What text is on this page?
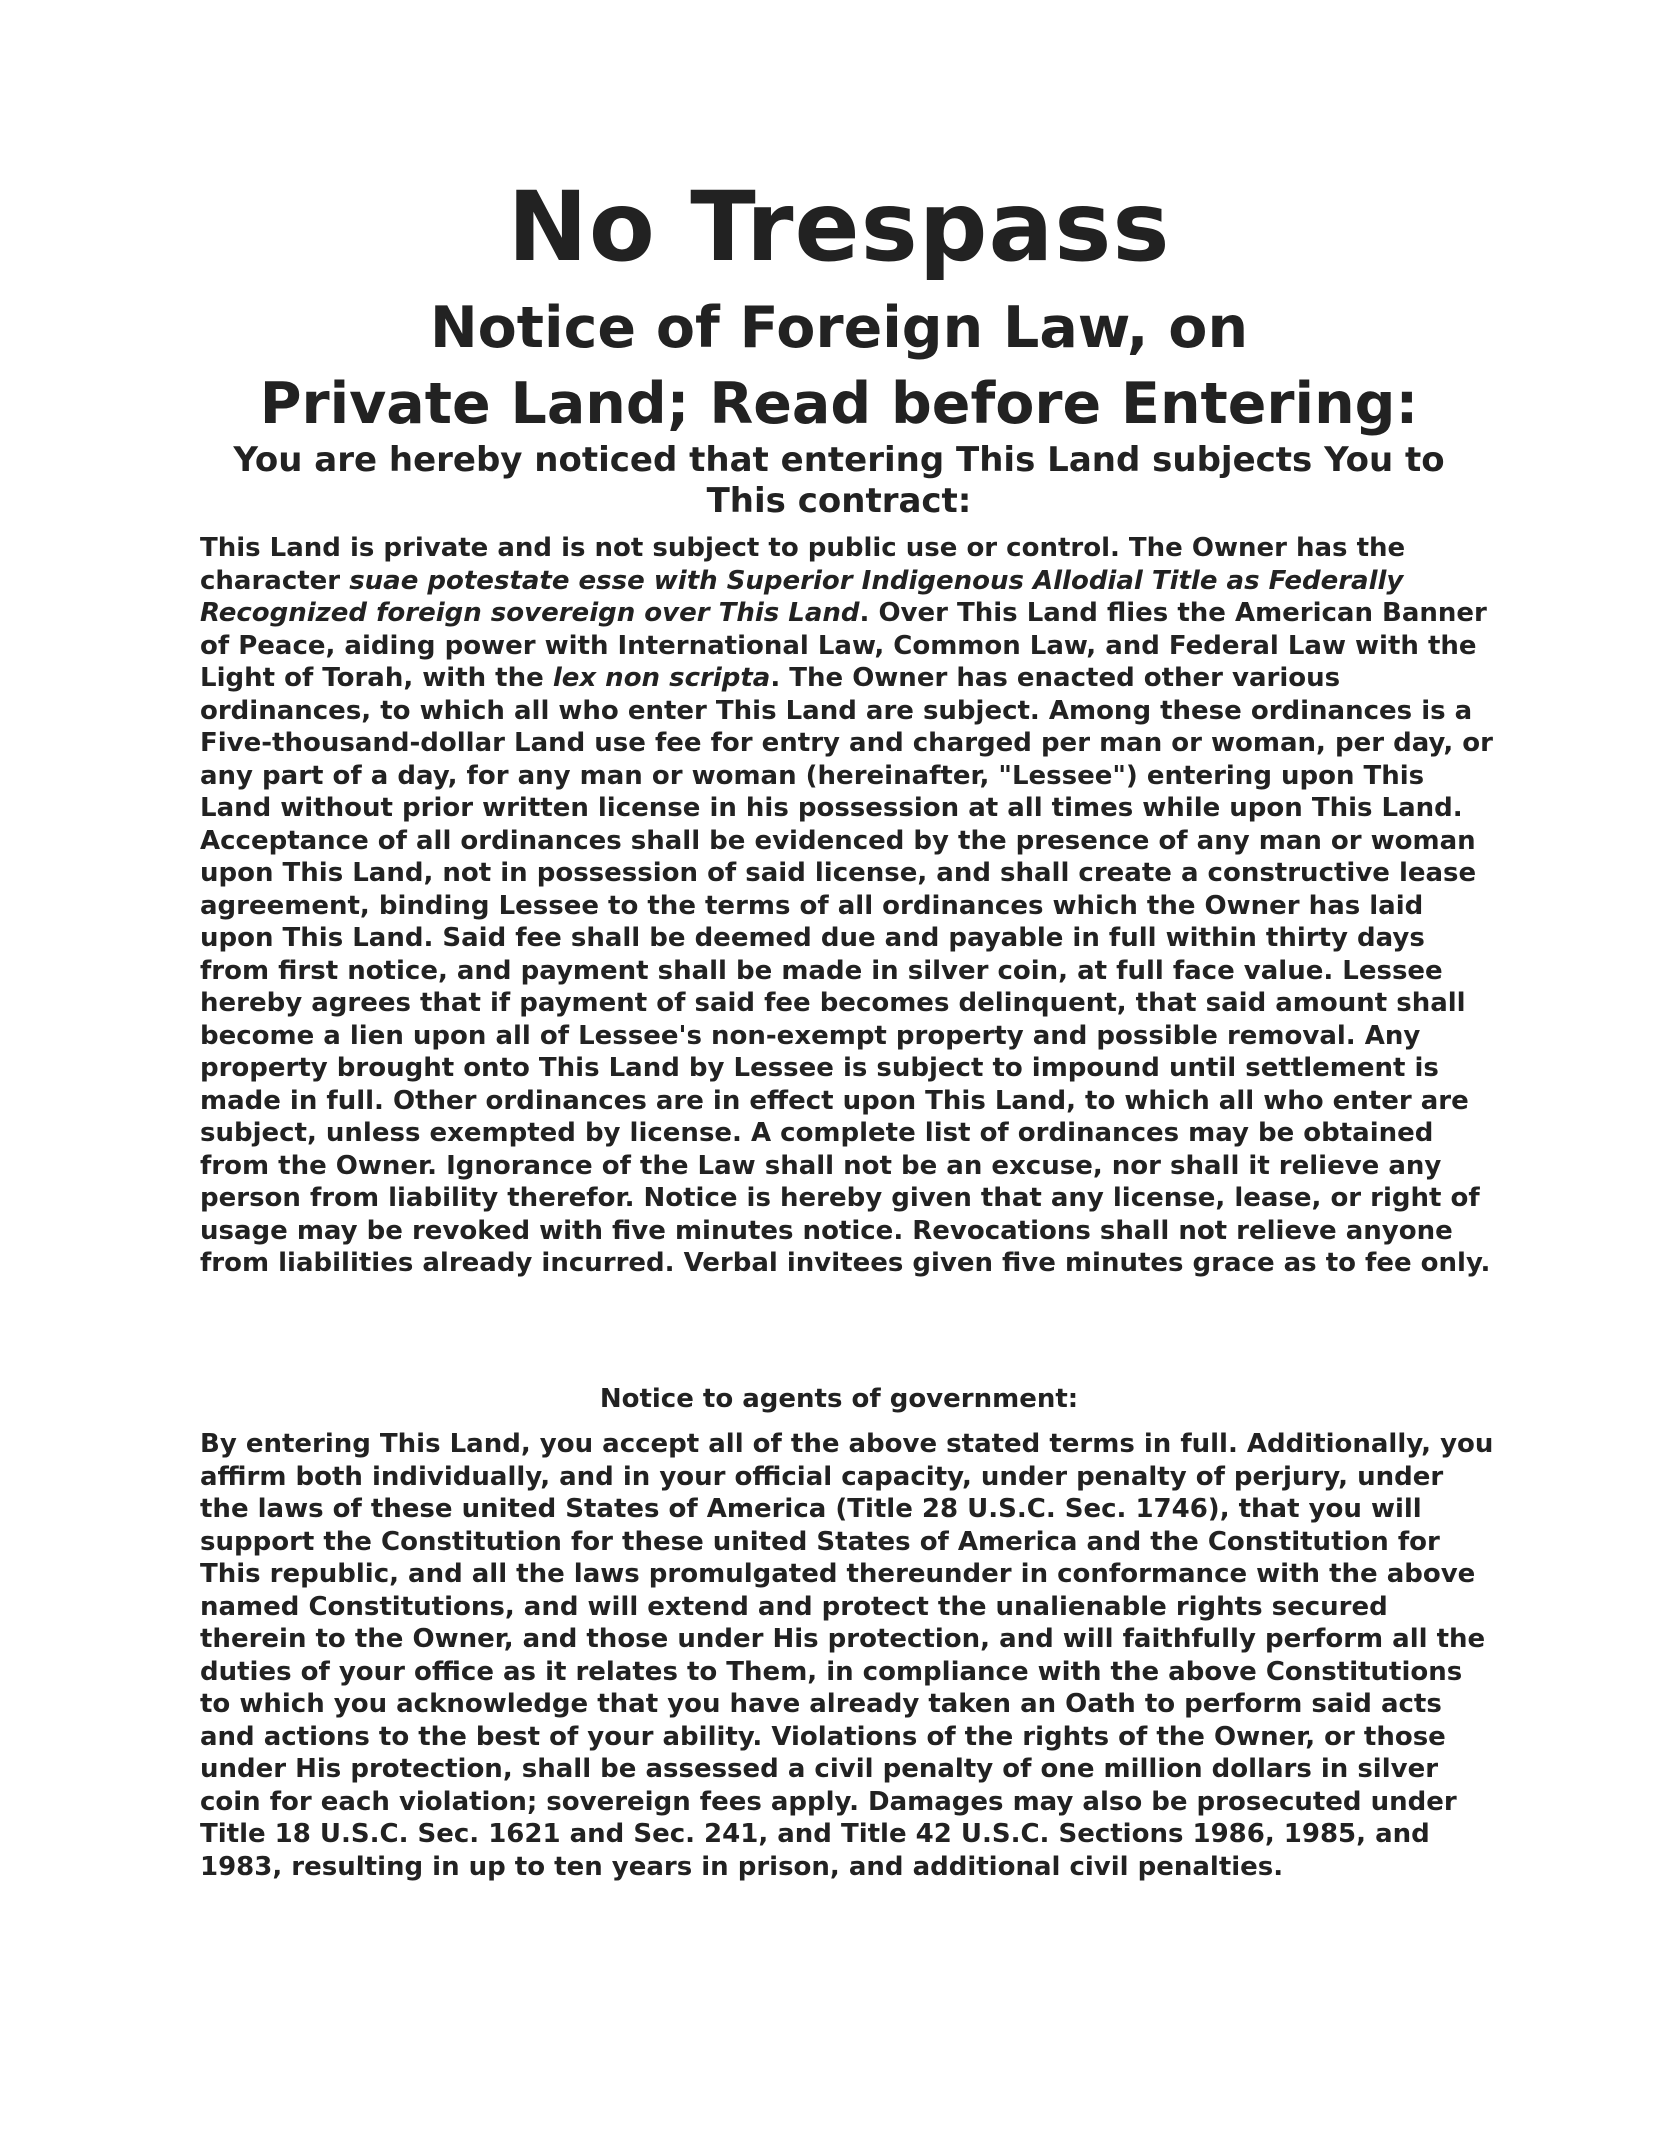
No Trespass
Notice of Foreign Law, on
Private Land; Read before Entering:

You are hereby noticed that entering This Land subjects You to This contract:

This Land is private and is not subject to public use or control. The Owner has the character suae potestate esse with Superior Indigenous Allodial Title as Federally Recognized foreign sovereign over This Land. Over This Land flies the American Banner of Peace, aiding power with International Law, Common Law, and Federal Law with the Light of Torah, with the lex non scripta. The Owner has enacted other various ordinances, to which all who enter This Land are subject. Among these ordinances is a Five-thousand-dollar Land use fee for entry and charged per man or woman, per day, or any part of a day, for any man or woman (hereinafter, "Lessee") entering upon This Land without prior written license in his possession at all times while upon This Land. Acceptance of all ordinances shall be evidenced by the presence of any man or woman upon This Land, not in possession of said license, and shall create a constructive lease agreement, binding Lessee to the terms of all ordinances which the Owner has laid upon This Land. Said fee shall be deemed due and payable in full within thirty days from first notice, and payment shall be made in silver coin, at full face value. Lessee hereby agrees that if payment of said fee becomes delinquent, that said amount shall become a lien upon all of Lessee's non-exempt property and possible removal. Any property brought onto This Land by Lessee is subject to impound until settlement is made in full. Other ordinances are in effect upon This Land, to which all who enter are subject, unless exempted by license. A complete list of ordinances may be obtained from the Owner. Ignorance of the Law shall not be an excuse, nor shall it relieve any person from liability therefor. Notice is hereby given that any license, lease, or right of usage may be revoked with five minutes notice. Revocations shall not relieve anyone from liabilities already incurred. Verbal invitees given five minutes grace as to fee only.

Notice to agents of government:

By entering This Land, you accept all of the above stated terms in full. Additionally, you affirm both individually, and in your official capacity, under penalty of perjury, under the laws of these united States of America (Title 28 U.S.C. Sec. 1746), that you will support the Constitution for these united States of America and the Constitution for This republic, and all the laws promulgated thereunder in conformance with the above named Constitutions, and will extend and protect the unalienable rights secured therein to the Owner, and those under His protection, and will faithfully perform all the duties of your office as it relates to Them, in compliance with the above Constitutions to which you acknowledge that you have already taken an Oath to perform said acts and actions to the best of your ability. Violations of the rights of the Owner, or those under His protection, shall be assessed a civil penalty of one million dollars in silver coin for each violation; sovereign fees apply. Damages may also be prosecuted under Title 18 U.S.C. Sec. 1621 and Sec. 241, and Title 42 U.S.C. Sections 1986, 1985, and 1983, resulting in up to ten years in prison, and additional civil penalties.
